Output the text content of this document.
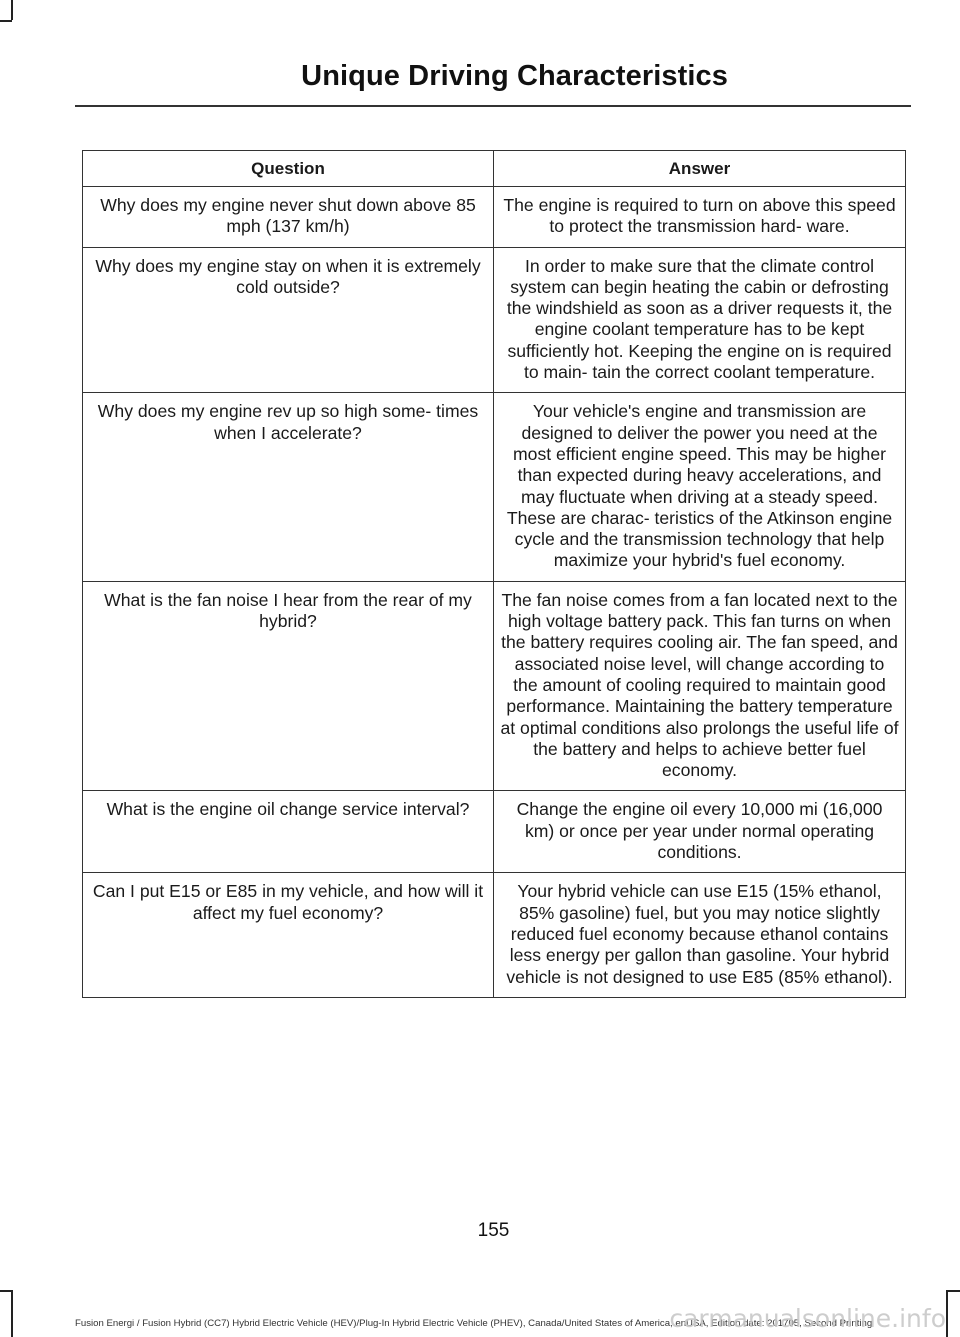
Unique Driving Characteristics
Question	Answer
Why does my engine never shut down above 85 mph (137 km/h)	The engine is required to turn on above this speed to protect the transmission hard- ware.
Why does my engine stay on when it is extremely cold outside?	In order to make sure that the climate control system can begin heating the cabin or defrosting the windshield as soon as a driver requests it, the engine coolant temperature has to be kept sufficiently hot. Keeping the engine on is required to main- tain the correct coolant temperature.
Why does my engine rev up so high some- times when I accelerate?	Your vehicle's engine and transmission are designed to deliver the power you need at the most efficient engine speed. This may be higher than expected during heavy accelerations, and may fluctuate when driving at a steady speed. These are charac- teristics of the Atkinson engine cycle and the transmission technology that help maximize your hybrid's fuel economy.
What is the fan noise I hear from the rear of my hybrid?	The fan noise comes from a fan located next to the high voltage battery pack. This fan turns on when the battery requires cooling air. The fan speed, and associated noise level, will change according to the amount of cooling required to maintain good performance. Maintaining the battery temperature at optimal conditions also prolongs the useful life of the battery and helps to achieve better fuel economy.
What is the engine oil change service interval?	Change the engine oil every 10,000 mi (16,000 km) or once per year under normal operating conditions.
Can I put E15 or E85 in my vehicle, and how will it affect my fuel economy?	Your hybrid vehicle can use E15 (15% ethanol, 85% gasoline) fuel, but you may notice slightly reduced fuel economy because ethanol contains less energy per gallon than gasoline. Your hybrid vehicle is not designed to use E85 (85% ethanol).
155
Fusion Energi / Fusion Hybrid (CC7) Hybrid Electric Vehicle (HEV)/Plug-In Hybrid Electric Vehicle (PHEV), Canada/United States of America, enUSA, Edition date: 201705, Second Printing
carmanualsonline.info
